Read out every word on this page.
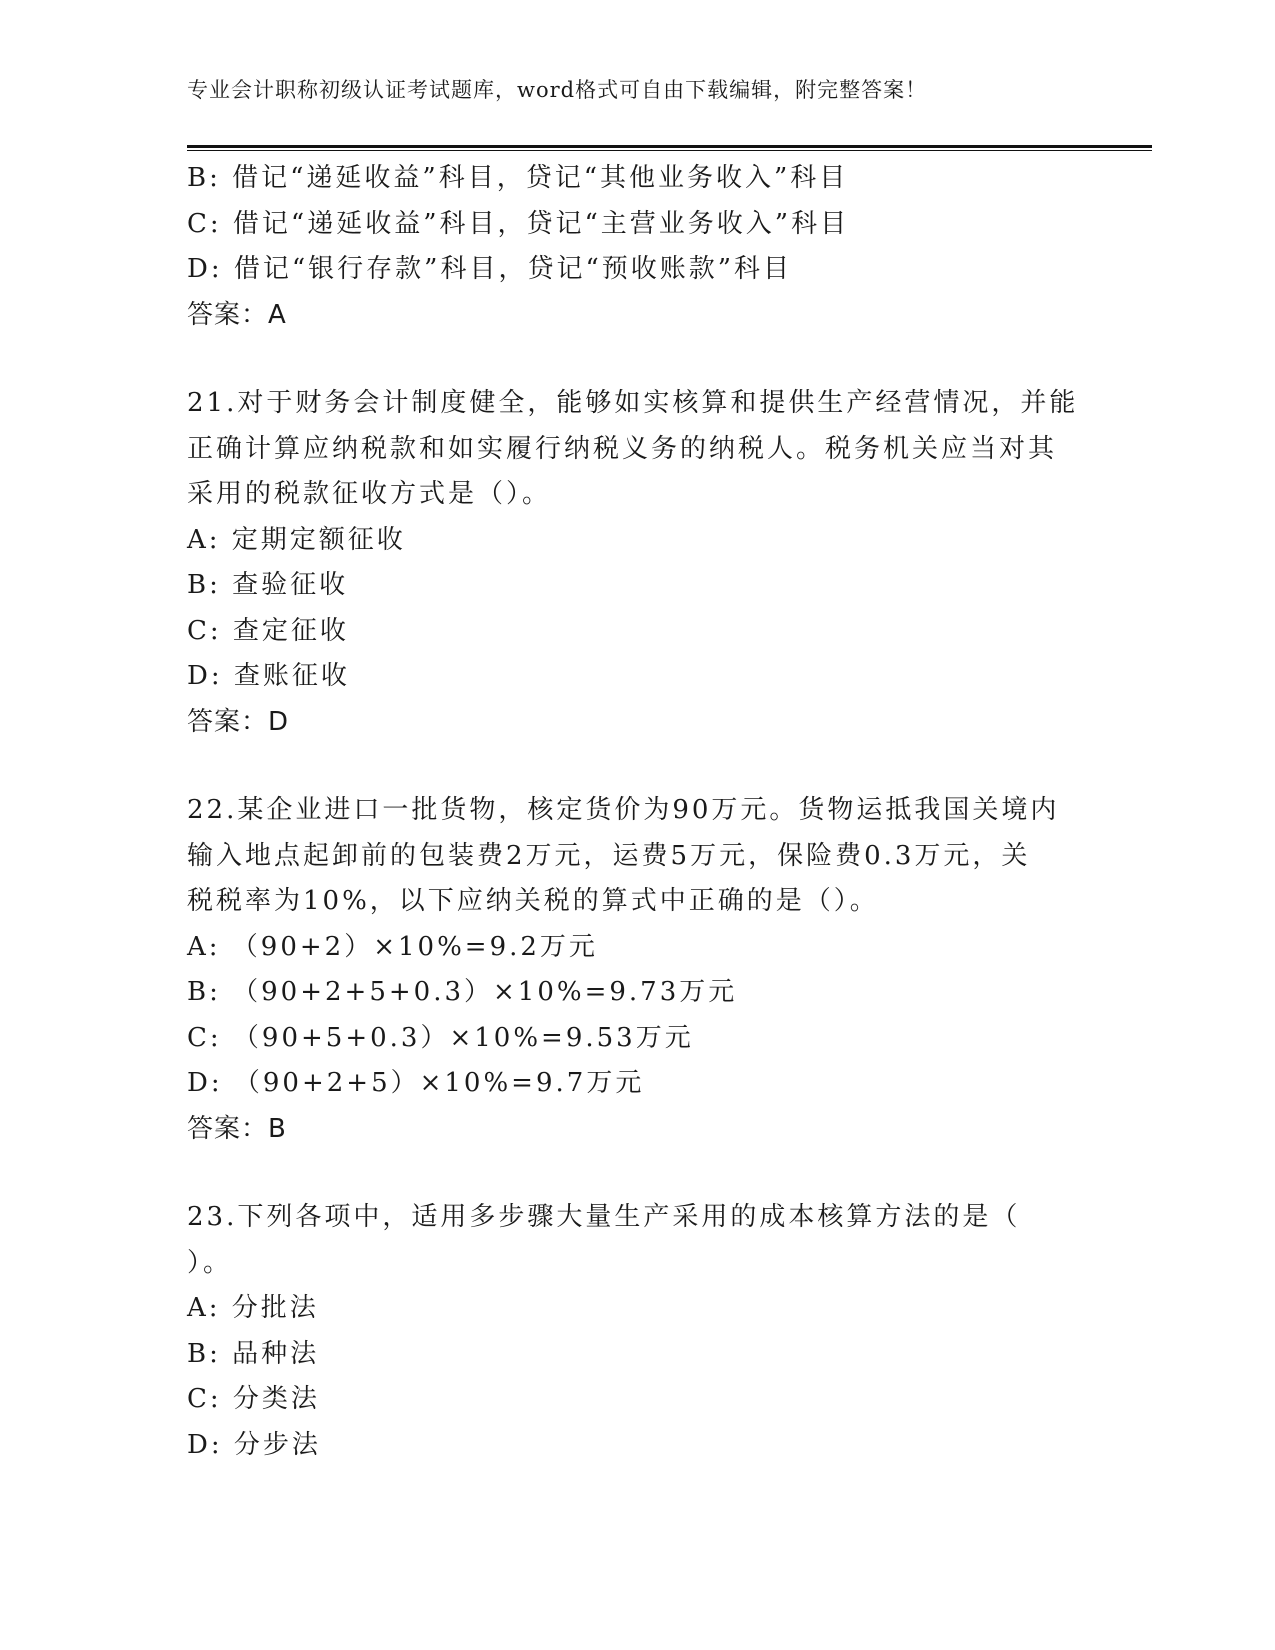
专业会计职称初级认证考试题库，word格式可自由下载编辑，附完整答案！
B: 借记“递延收益”科目，贷记“其他业务收入”科目
C: 借记“递延收益”科目，贷记“主营业务收入”科目
D: 借记“银行存款”科目，贷记“预收账款”科目
答案：A
21.对于财务会计制度健全，能够如实核算和提供生产经营情况，并能
正确计算应纳税款和如实履行纳税义务的纳税人。税务机关应当对其
采用的税款征收方式是（）。
A: 定期定额征收
B: 查验征收
C: 查定征收
D: 查账征收
答案：D
22.某企业进口一批货物，核定货价为90万元。货物运抵我国关境内
输入地点起卸前的包装费2万元，运费5万元，保险费0.3万元，关
税税率为10%，以下应纳关税的算式中正确的是（）。
A: （90+2）×10%=9.2万元
B: （90+2+5+0.3）×10%=9.73万元
C: （90+5+0.3）×10%=9.53万元
D: （90+2+5）×10%=9.7万元
答案：B
23.下列各项中，适用多步骤大量生产采用的成本核算方法的是（
）。
A: 分批法
B: 品种法
C: 分类法
D: 分步法
